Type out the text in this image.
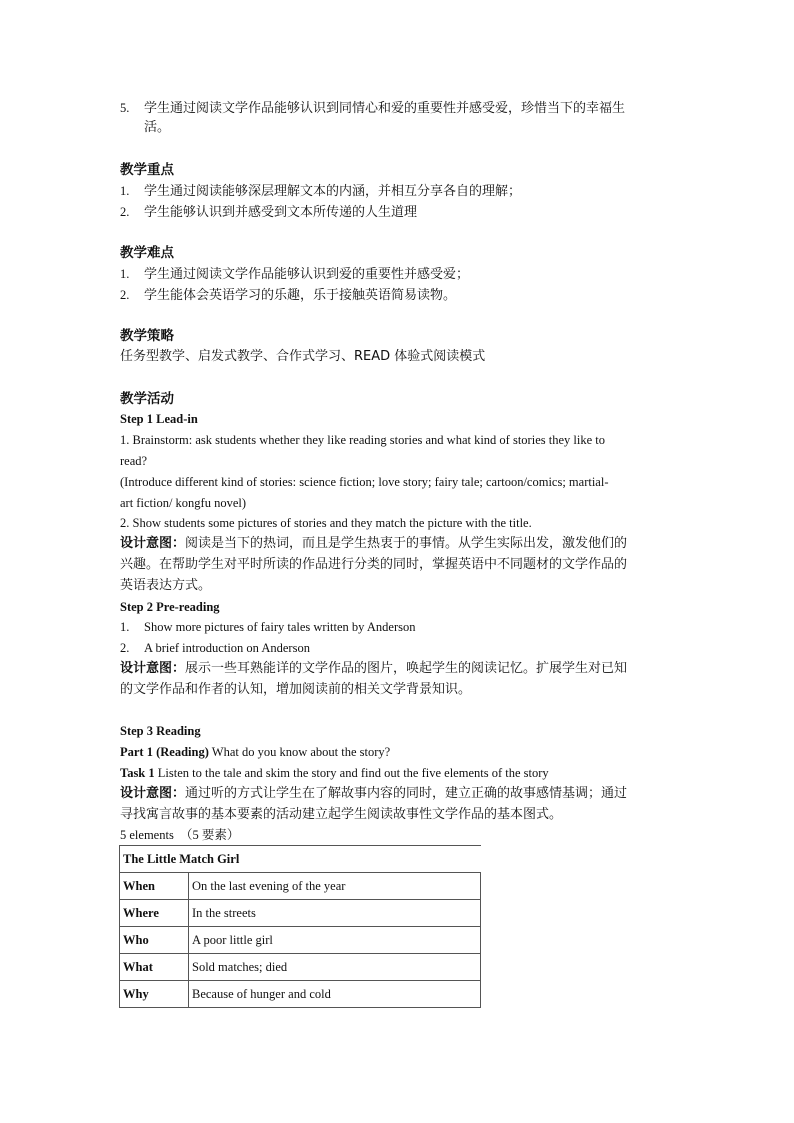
5. 学生通过阅读文学作品能够认识到同情心和爱的重要性并感受爱，珍惜当下的幸福生
活。
教学重点
1. 学生通过阅读能够深层理解文本的内涵，并相互分享各自的理解；
2. 学生能够认识到并感受到文本所传递的人生道理
教学难点
1. 学生通过阅读文学作品能够认识到爱的重要性并感受爱；
2. 学生能体会英语学习的乐趣，乐于接触英语简易读物。
教学策略
任务型教学、启发式教学、合作式学习、READ 体验式阅读模式
教学活动
Step 1 Lead-in
1. Brainstorm: ask students whether they like reading stories and what kind of stories they like to
read?
(Introduce different kind of stories: science fiction; love story; fairy tale; cartoon/comics; martial-
art fiction/ kongfu novel)
2. Show students some pictures of stories and they match the picture with the title.
设计意图：阅读是当下的热词，而且是学生热衷于的事情。从学生实际出发，激发他们的
兴趣。在帮助学生对平时所读的作品进行分类的同时，掌握英语中不同题材的文学作品的
英语表达方式。
Step 2 Pre-reading
1. Show more pictures of fairy tales written by Anderson
2. A brief introduction on Anderson
设计意图：展示一些耳熟能详的文学作品的图片，唤起学生的阅读记忆。扩展学生对已知
的文学作品和作者的认知，增加阅读前的相关文学背景知识。
Step 3 Reading
Part 1 (Reading) What do you know about the story?
Task 1 Listen to the tale and skim the story and find out the five elements of the story
设计意图：通过听的方式让学生在了解故事内容的同时，建立正确的故事感情基调；通过
寻找寓言故事的基本要素的活动建立起学生阅读故事性文学作品的基本图式。
5 elements　（5 要素）
The Little Match Girl	
When	On the last evening of the year
Where	In the streets
Who	A poor little girl
What	Sold matches; died
Why	Because of hunger and cold
